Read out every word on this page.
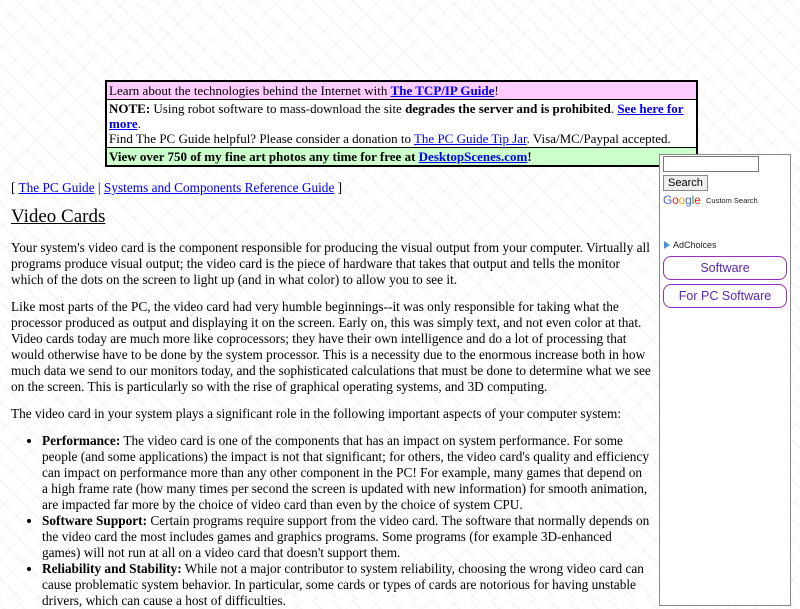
Learn about the technologies behind the Internet with The TCP/IP Guide!
NOTE: Using robot software to mass-download the site degrades the server and is prohibited. See here for more.
Find The PC Guide helpful? Please consider a donation to The PC Guide Tip Jar. Visa/MC/Paypal accepted.
View over 750 of my fine art photos any time for free at DesktopScenes.com!
[ The PC Guide | Systems and Components Reference Guide ]
Video Cards

Your system's video card is the component responsible for producing the visual output from your computer. Virtually all programs produce visual output; the video card is the piece of hardware that takes that output and tells the monitor which of the dots on the screen to light up (and in what color) to allow you to see it.

Like most parts of the PC, the video card had very humble beginnings--it was only responsible for taking what the processor produced as output and displaying it on the screen. Early on, this was simply text, and not even color at that. Video cards today are much more like coprocessors; they have their own intelligence and do a lot of processing that would otherwise have to be done by the system processor. This is a necessity due to the enormous increase both in how much data we send to our monitors today, and the sophisticated calculations that must be done to determine what we see on the screen. This is particularly so with the rise of graphical operating systems, and 3D computing.

The video card in your system plays a significant role in the following important aspects of your computer system:

• Performance: The video card is one of the components that has an impact on system performance. For some people (and some applications) the impact is not that significant; for others, the video card's quality and efficiency can impact on performance more than any other component in the PC! For example, many games that depend on a high frame rate (how many times per second the screen is updated with new information) for smooth animation, are impacted far more by the choice of video card than even by the choice of system CPU.
• Software Support: Certain programs require support from the video card. The software that normally depends on the video card the most includes games and graphics programs. Some programs (for example 3D-enhanced games) will not run at all on a video card that doesn't support them.
• Reliability and Stability: While not a major contributor to system reliability, choosing the wrong video card can cause problematic system behavior. In particular, some cards or types of cards are notorious for having unstable drivers, which can cause a host of difficulties.
Search
Google Custom Search
AdChoices
Software
For PC Software
